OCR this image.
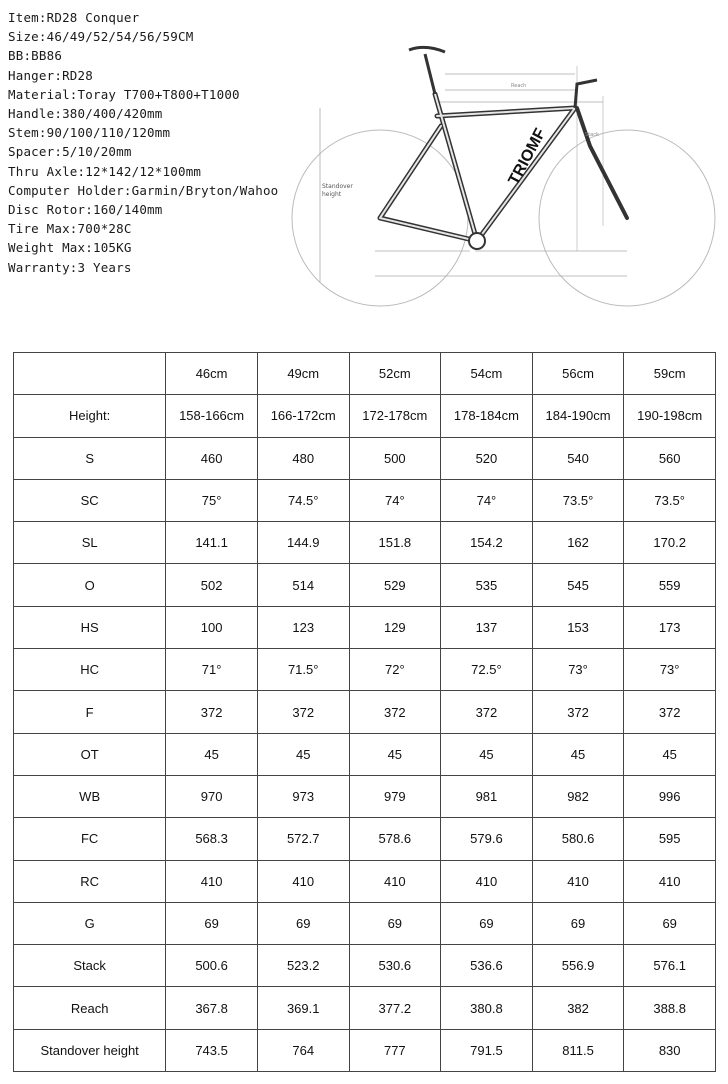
Item:RD28 Conquer
Size:46/49/52/54/56/59CM
BB:BB86
Hanger:RD28
Material:Toray T700+T800+T1000
Handle:380/400/420mm
Stem:90/100/110/120mm
Spacer:5/10/20mm
Thru Axle:12*142/12*100mm
Computer Holder:Garmin/Bryton/Wahoo
Disc Rotor:160/140mm
Tire Max:700*28C
Weight Max:105KG
Warranty:3 Years
TRIOMF
Standover
height
Reach
Stack
	46cm	49cm	52cm	54cm	56cm	59cm
Height:	158-166cm	166-172cm	172-178cm	178-184cm	184-190cm	190-198cm
S	460	480	500	520	540	560
SC	75°	74.5°	74°	74°	73.5°	73.5°
SL	141.1	144.9	151.8	154.2	162	170.2
O	502	514	529	535	545	559
HS	100	123	129	137	153	173
HC	71°	71.5°	72°	72.5°	73°	73°
F	372	372	372	372	372	372
OT	45	45	45	45	45	45
WB	970	973	979	981	982	996
FC	568.3	572.7	578.6	579.6	580.6	595
RC	410	410	410	410	410	410
G	69	69	69	69	69	69
Stack	500.6	523.2	530.6	536.6	556.9	576.1
Reach	367.8	369.1	377.2	380.8	382	388.8
Standover height	743.5	764	777	791.5	811.5	830
